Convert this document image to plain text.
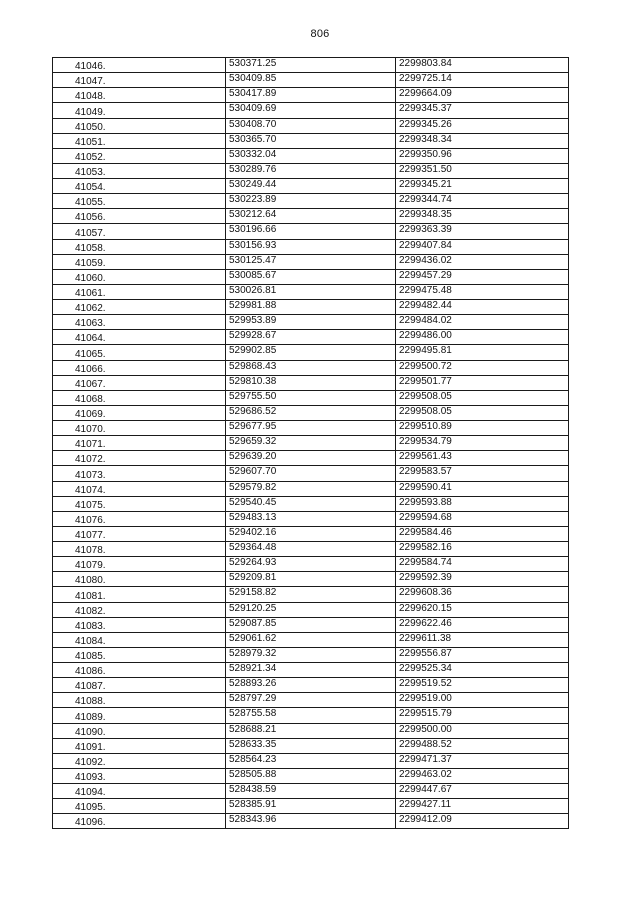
806
41046.	530371.25	2299803.84
41047.	530409.85	2299725.14
41048.	530417.89	2299664.09
41049.	530409.69	2299345.37
41050.	530408.70	2299345.26
41051.	530365.70	2299348.34
41052.	530332.04	2299350.96
41053.	530289.76	2299351.50
41054.	530249.44	2299345.21
41055.	530223.89	2299344.74
41056.	530212.64	2299348.35
41057.	530196.66	2299363.39
41058.	530156.93	2299407.84
41059.	530125.47	2299436.02
41060.	530085.67	2299457.29
41061.	530026.81	2299475.48
41062.	529981.88	2299482.44
41063.	529953.89	2299484.02
41064.	529928.67	2299486.00
41065.	529902.85	2299495.81
41066.	529868.43	2299500.72
41067.	529810.38	2299501.77
41068.	529755.50	2299508.05
41069.	529686.52	2299508.05
41070.	529677.95	2299510.89
41071.	529659.32	2299534.79
41072.	529639.20	2299561.43
41073.	529607.70	2299583.57
41074.	529579.82	2299590.41
41075.	529540.45	2299593.88
41076.	529483.13	2299594.68
41077.	529402.16	2299584.46
41078.	529364.48	2299582.16
41079.	529264.93	2299584.74
41080.	529209.81	2299592.39
41081.	529158.82	2299608.36
41082.	529120.25	2299620.15
41083.	529087.85	2299622.46
41084.	529061.62	2299611.38
41085.	528979.32	2299556.87
41086.	528921.34	2299525.34
41087.	528893.26	2299519.52
41088.	528797.29	2299519.00
41089.	528755.58	2299515.79
41090.	528688.21	2299500.00
41091.	528633.35	2299488.52
41092.	528564.23	2299471.37
41093.	528505.88	2299463.02
41094.	528438.59	2299447.67
41095.	528385.91	2299427.11
41096.	528343.96	2299412.09
